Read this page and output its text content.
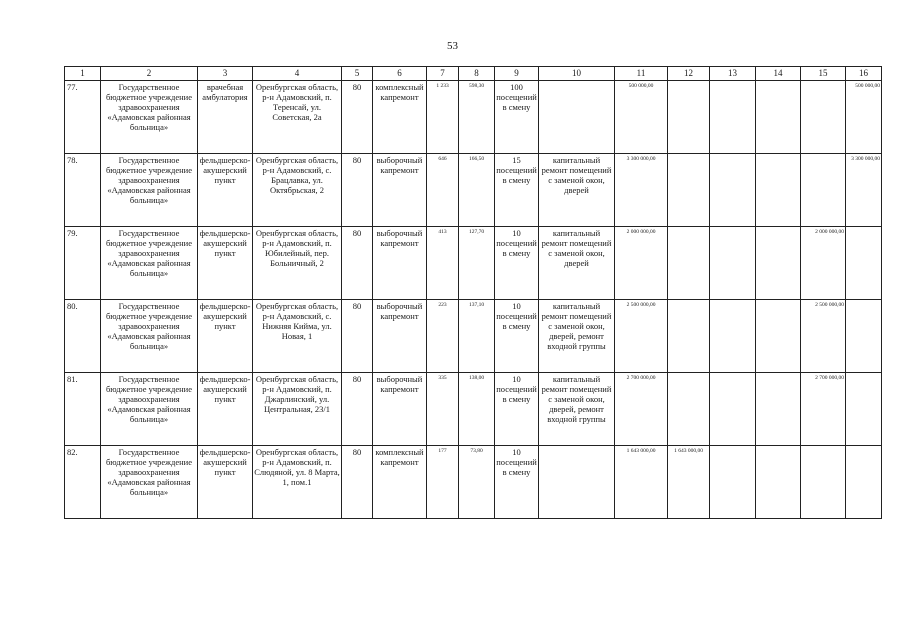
53
1	2	3	4	5	6	7	8	9	10	11	12	13	14	15	16
77.	Государственное бюджетное учреждение здравоохранения «Адамовская районная больница»	врачебная амбулатория	Оренбургская область, р-н Адамовский, п. Теренсай, ул. Советская, 2а	80	комплексный капремонт	1 233	598,30	100 посещений в смену		500 000,00					500 000,00
78.	Государственное бюджетное учреждение здравоохранения «Адамовская районная больница»	фельдшерско-акушерский пункт	Оренбургская область, р-н Адамовский, с. Брацлавка, ул. Октябрьская, 2	80	выборочный капремонт	646	166,50	15 посещений в смену	капитальный ремонт помещений с заменой окон, дверей	3 300 000,00					3 300 000,00
79.	Государственное бюджетное учреждение здравоохранения «Адамовская районная больница»	фельдшерско-акушерский пункт	Оренбургская область, р-н Адамовский, п. Юбилейный, пер. Больничный, 2	80	выборочный капремонт	413	127,70	10 посещений в смену	капитальный ремонт помещений с заменой окон, дверей	2 000 000,00				2 000 000,00	
80.	Государственное бюджетное учреждение здравоохранения «Адамовская районная больница»	фельдшерско-акушерский пункт	Оренбургская область, р-н Адамовский, с. Нижняя Кийма, ул. Новая, 1	80	выборочный капремонт	223	137,10	10 посещений в смену	капитальный ремонт помещений с заменой окон, дверей, ремонт входной группы	2 500 000,00				2 500 000,00	
81.	Государственное бюджетное учреждение здравоохранения «Адамовская районная больница»	фельдшерско-акушерский пункт	Оренбургская область, р-н Адамовский, п. Джарлинский, ул. Центральная, 23/1	80	выборочный капремонт	335	138,00	10 посещений в смену	капитальный ремонт помещений с заменой окон, дверей, ремонт входной группы	2 700 000,00				2 700 000,00	
82.	Государственное бюджетное учреждение здравоохранения «Адамовская районная больница»	фельдшерско-акушерский пункт	Оренбургская область, р-н Адамовский, п. Слюдяной, ул. 8 Марта, 1, пом.1	80	комплексный капремонт	177	73,80	10 посещений в смену		1 643 000,00	1 643 000,00				
